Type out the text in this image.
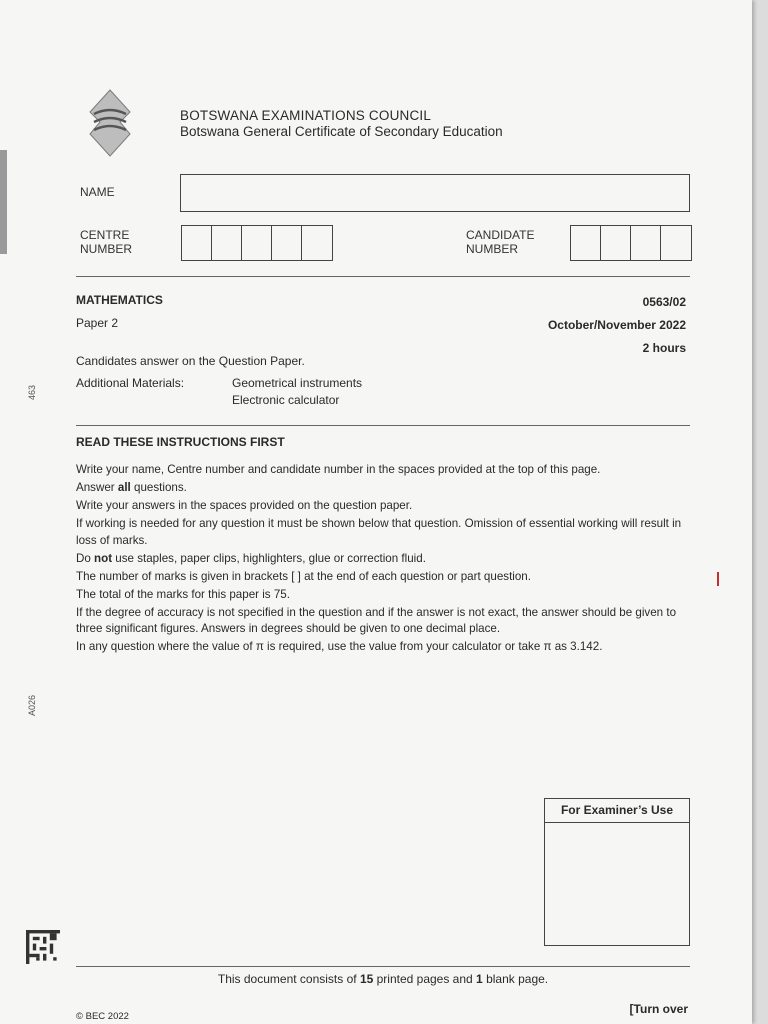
BOTSWANA EXAMINATIONS COUNCIL
Botswana General Certificate of Secondary Education
NAME
CENTRE
NUMBER
CANDIDATE
NUMBER
MATHEMATICS	0563/02
Paper 2	October/November 2022
2 hours
Candidates answer on the Question Paper.
Additional Materials:	Geometrical instruments
Electronic calculator
READ THESE INSTRUCTIONS FIRST

Write your name, Centre number and candidate number in the spaces provided at the top of this page.

Answer all questions.

Write your answers in the spaces provided on the question paper.

If working is needed for any question it must be shown below that question. Omission of essential working will result in loss of marks.

Do not use staples, paper clips, highlighters, glue or correction fluid.

The number of marks is given in brackets [ ] at the end of each question or part question.

The total of the marks for this paper is 75.

If the degree of accuracy is not specified in the question and if the answer is not exact, the answer should be given to three significant figures. Answers in degrees should be given to one decimal place.

In any question where the value of π is required, use the value from your calculator or take π as 3.142.

For Examiner’s Use
463
A026
This document consists of 15 printed pages and 1 blank page.
[Turn over
© BEC 2022
